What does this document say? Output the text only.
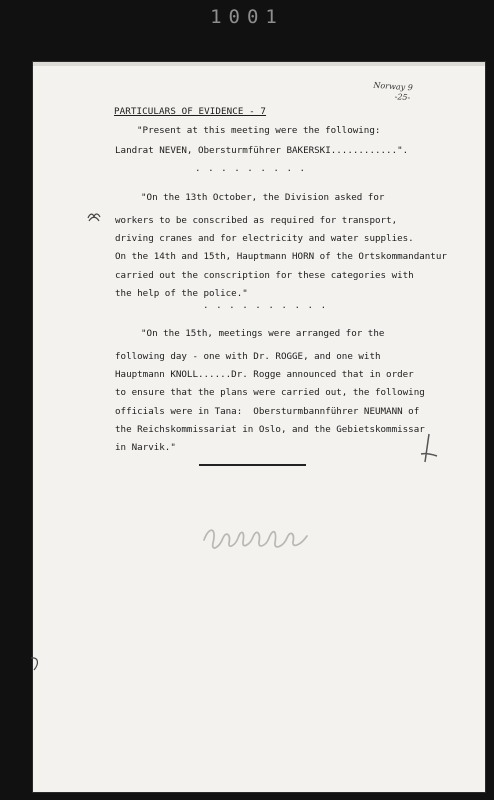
1001
Norway 9
-25-
PARTICULARS OF EVIDENCE - 7
"Present at this meeting were the following:
Landrat NEVEN, Obersturmführer BAKERSKI............".
. . . . . . . . .
"On the 13th October, the Division asked for
workers to be conscribed as required for transport,
driving cranes and for electricity and water supplies.
On the 14th and 15th, Hauptmann HORN of the Ortskommandantur
carried out the conscription for these categories with
the help of the police."
. . . . . . . . . .
"On the 15th, meetings were arranged for the
following day - one with Dr. ROGGE, and one with
Hauptmann KNOLL......Dr. Rogge announced that in order
to ensure that the plans were carried out, the following
officials were in Tana:  Obersturmbannführer NEUMANN of
the Reichskommissariat in Oslo, and the Gebietskommissar
in Narvik."
